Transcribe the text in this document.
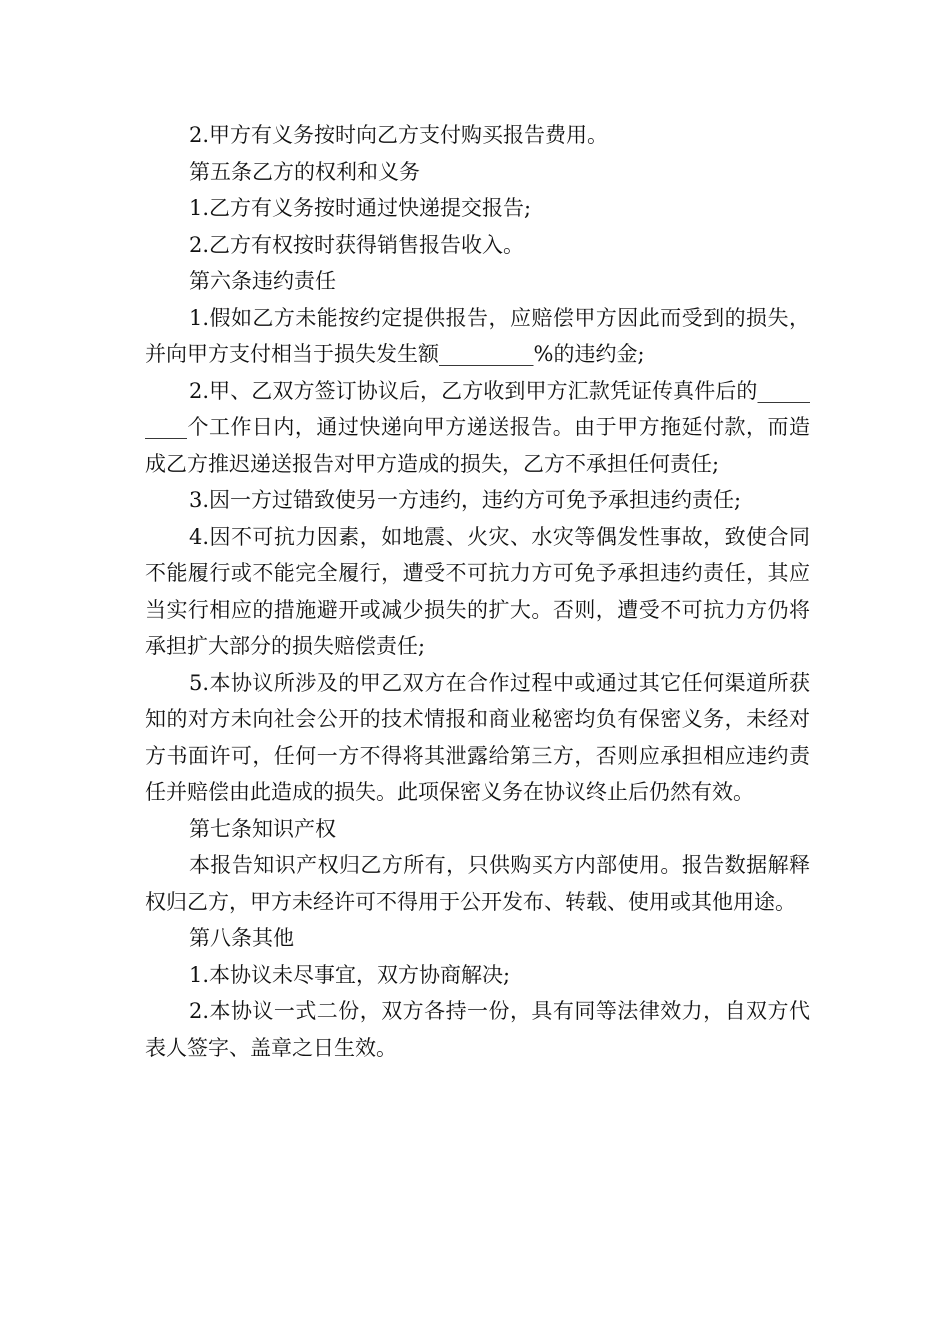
2.甲方有义务按时向乙方支付购买报告费用。

第五条乙方的权利和义务

1.乙方有义务按时通过快递提交报告;

2.乙方有权按时获得销售报告收入。

第六条违约责任

1.假如乙方未能按约定提供报告，应赔偿甲方因此而受到的损失，并向甲方支付相当于损失发生额_________%的违约金;

2.甲、乙双方签订协议后，乙方收到甲方汇款凭证传真件后的_________个工作日内，通过快递向甲方递送报告。由于甲方拖延付款，而造成乙方推迟递送报告对甲方造成的损失，乙方不承担任何责任;

3.因一方过错致使另一方违约，违约方可免予承担违约责任;

4.因不可抗力因素，如地震、火灾、水灾等偶发性事故，致使合同不能履行或不能完全履行，遭受不可抗力方可免予承担违约责任，其应当实行相应的措施避开或减少损失的扩大。否则，遭受不可抗力方仍将承担扩大部分的损失赔偿责任;

5.本协议所涉及的甲乙双方在合作过程中或通过其它任何渠道所获知的对方未向社会公开的技术情报和商业秘密均负有保密义务，未经对方书面许可，任何一方不得将其泄露给第三方，否则应承担相应违约责任并赔偿由此造成的损失。此项保密义务在协议终止后仍然有效。

第七条知识产权

本报告知识产权归乙方所有，只供购买方内部使用。报告数据解释权归乙方，甲方未经许可不得用于公开发布、转载、使用或其他用途。

第八条其他

1.本协议未尽事宜，双方协商解决;

2.本协议一式二份，双方各持一份，具有同等法律效力，自双方代表人签字、盖章之日生效。
